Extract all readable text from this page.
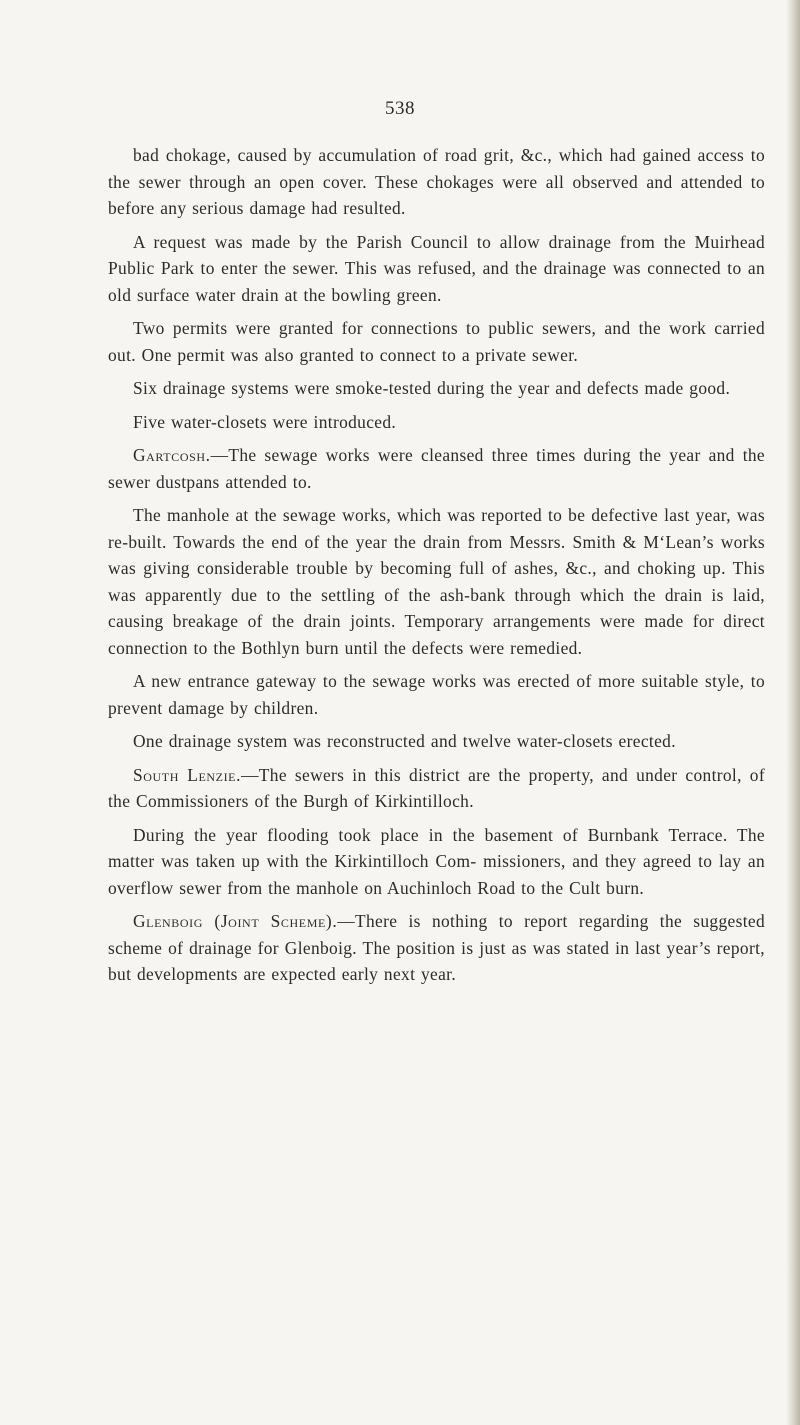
538

bad chokage, caused by accumulation of road grit, &c., which had gained access to the sewer through an open cover. These chokages were all observed and attended to before any serious damage had resulted.

A request was made by the Parish Council to allow drainage from the Muirhead Public Park to enter the sewer. This was refused, and the drainage was connected to an old surface water drain at the bowling green.

Two permits were granted for connections to public sewers, and the work carried out. One permit was also granted to connect to a private sewer.

Six drainage systems were smoke-tested during the year and defects made good.

Five water-closets were introduced.

Gartcosh.—The sewage works were cleansed three times during the year and the sewer dustpans attended to.

The manhole at the sewage works, which was reported to be defective last year, was re-built. Towards the end of the year the drain from Messrs. Smith & M‘Lean’s works was giving considerable trouble by becoming full of ashes, &c., and choking up. This was apparently due to the settling of the ash-bank through which the drain is laid, causing breakage of the drain joints. Temporary arrangements were made for direct connection to the Bothlyn burn until the defects were remedied.

A new entrance gateway to the sewage works was erected of more suitable style, to prevent damage by children.

One drainage system was reconstructed and twelve water-closets erected.

South Lenzie.—The sewers in this district are the property, and under control, of the Commissioners of the Burgh of Kirkintilloch.

During the year flooding took place in the basement of Burnbank Terrace. The matter was taken up with the Kirkintilloch Com- missioners, and they agreed to lay an overflow sewer from the manhole on Auchinloch Road to the Cult burn.

Glenboig (Joint Scheme).—There is nothing to report regarding the suggested scheme of drainage for Glenboig. The position is just as was stated in last year’s report, but developments are expected early next year.
